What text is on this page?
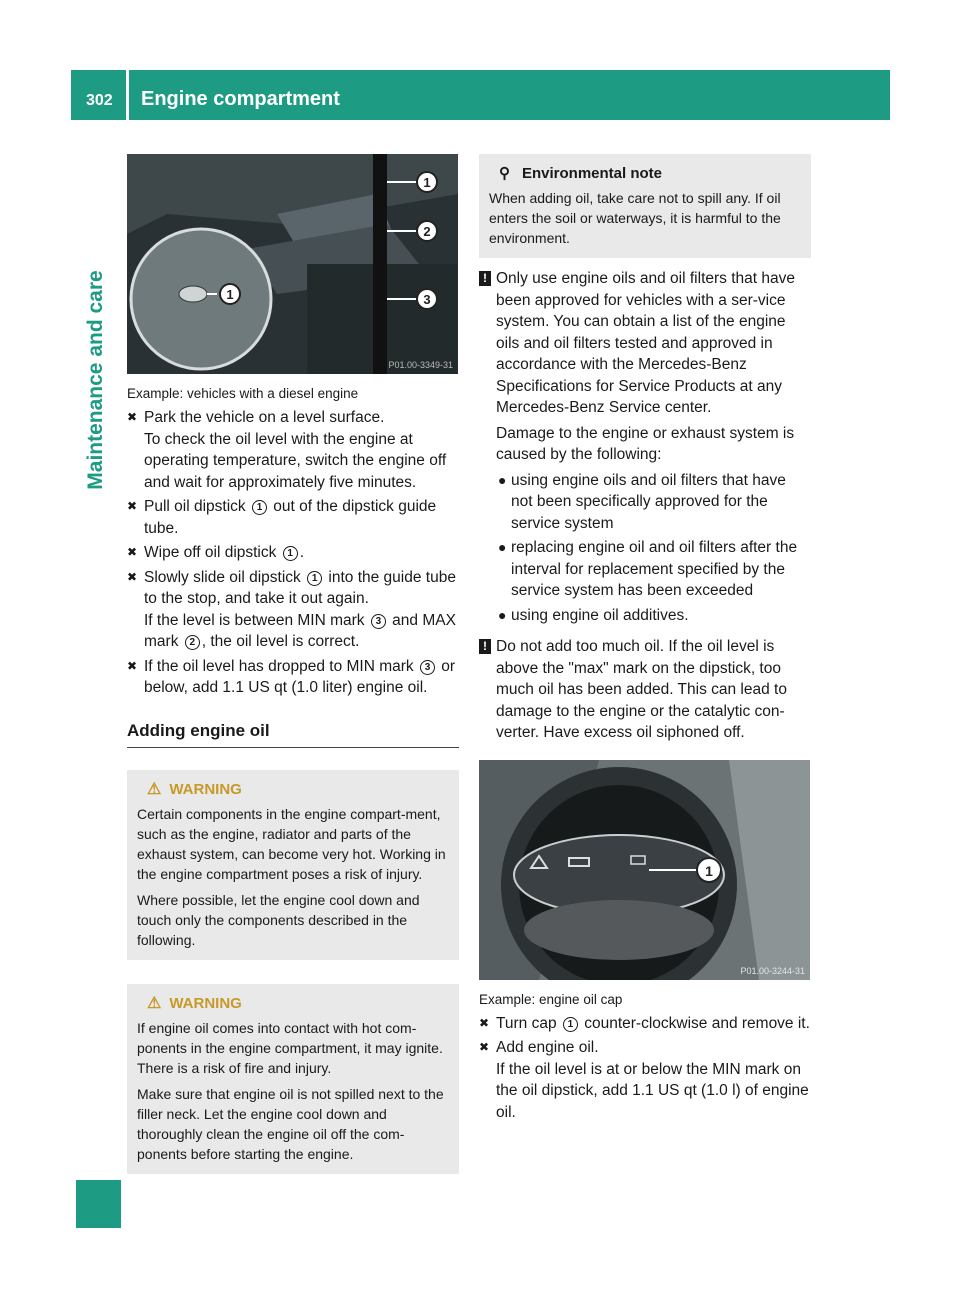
302 Engine compartment
Maintenance and care	1
1
2
3
P01.00-3349-31
Example: vehicles with a diesel engine
✖ Park the vehicle on a level surface.
To check the oil level with the engine at operating temperature, switch the engine off and wait for approximately five minutes.
✖ Pull oil dipstick 1 out of the dipstick guide tube.
✖ Wipe off oil dipstick 1 .
✖ Slowly slide oil dipstick 1 into the guide tube to the stop, and take it out again.
If the level is between MIN mark 3 and MAX mark 2 , the oil level is correct.
✖ If the oil level has dropped to MIN mark 3 or below, add 1.1 US qt (1.0 liter) engine oil.
Adding engine oil
⚠ WARNING

Certain components in the engine compart-ment, such as the engine, radiator and parts of the exhaust system, can become very hot. Working in the engine compartment poses a risk of injury.

Where possible, let the engine cool down and touch only the components described in the following.

⚠ WARNING

If engine oil comes into contact with hot com-ponents in the engine compartment, it may ignite. There is a risk of fire and injury.

Make sure that engine oil is not spilled next to the filler neck. Let the engine cool down and thoroughly clean the engine oil off the com-ponents before starting the engine.

⚲ Environmental note

When adding oil, take care not to spill any. If oil enters the soil or waterways, it is harmful to the environment.

! Only use engine oils and oil filters that have been approved for vehicles with a ser-vice system. You can obtain a list of the engine oils and oil filters tested and approved in accordance with the Mercedes-Benz Specifications for Service Products at any Mercedes-Benz Service center.

Damage to the engine or exhaust system is caused by the following:

● using engine oils and oil filters that have not been specifically approved for the service system
● replacing engine oil and oil filters after the interval for replacement specified by the service system has been exceeded
● using engine oil additives.
! Do not add too much oil. If the oil level is above the "max" mark on the dipstick, too much oil has been added. This can lead to damage to the engine or the catalytic con-verter. Have excess oil siphoned off.

1
P01.00-3244-31
Example: engine oil cap
✖ Turn cap 1 counter-clockwise and remove it.
✖ Add engine oil.
If the oil level is at or below the MIN mark on the oil dipstick, add 1.1 US qt (1.0 l) of engine oil.
